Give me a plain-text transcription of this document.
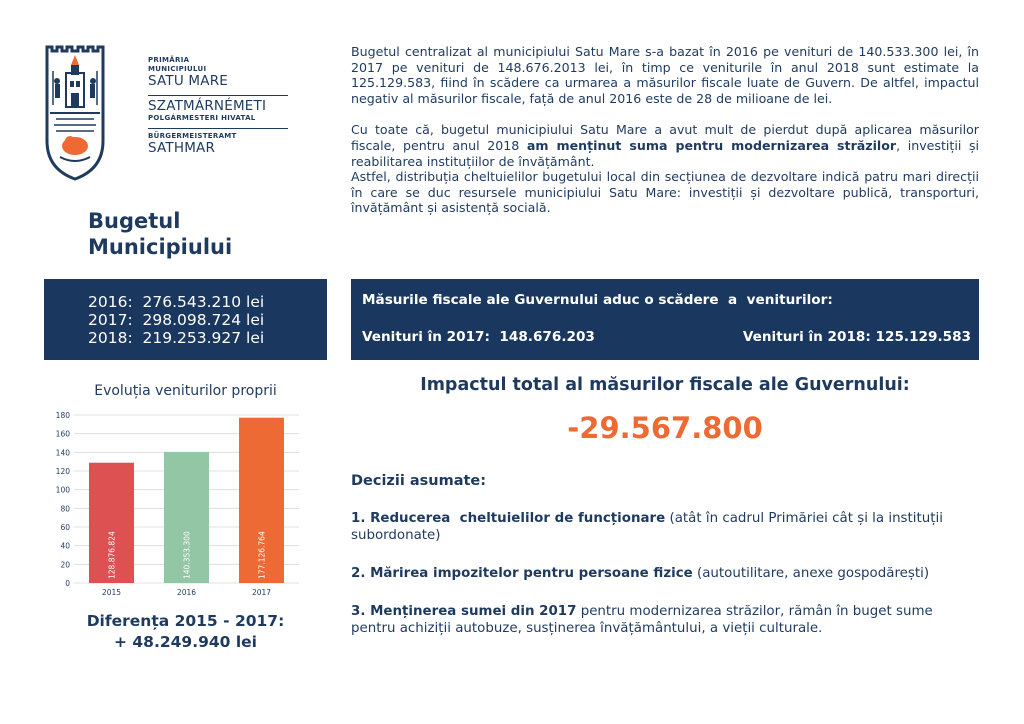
PRIMĂRIA
MUNICIPIULUI
SATU MARE
SZATMÁRNÉMETI
POLGÁRMESTERI HIVATAL
BÜRGERMEISTERAMT
SATHMAR
Bugetul
Municipiului
2016:  276.543.210 lei
2017:  298.098.724 lei
2018:  219.253.927 lei
Evoluția veniturilor proprii
0
20
40
60
80
100
120
140
160
180
128.876.824
2015
140.353.300
2016
177.126.764
2017
Diferența 2015 - 2017:
+ 48.249.940 lei
Bugetul centralizat al municipiului Satu Mare s-a bazat în 2016 pe venituri de 140.533.300 lei, în 2017 pe venituri de 148.676.2013 lei, în timp ce veniturile în anul 2018 sunt estimate la 125.129.583, fiind în scădere ca urmarea a măsurilor fiscale luate de Guvern. De altfel, impactul negativ al măsurilor fiscale, față de anul 2016 este de 28 de milioane de lei.
Cu toate că, bugetul municipiului Satu Mare a avut mult de pierdut după aplicarea măsurilor fiscale, pentru anul 2018 am menținut suma pentru modernizarea străzilor, investiții și reabilitarea instituțiilor de învățământ.
Astfel, distribuția cheltuielilor bugetului local din secțiunea de dezvoltare indică patru mari direcții în care se duc resursele municipiului Satu Mare: investiții și dezvoltare publică, transporturi, învățământ și asistență socială.
Măsurile fiscale ale Guvernului aduc o scădere  a  veniturilor:
Venituri în 2017:  148.676.203	Venituri în 2018: 125.129.583
Impactul total al măsurilor fiscale ale Guvernului:
-29.567.800
Decizii asumate:
1. Reducerea  cheltuielilor de funcționare (atât în cadrul Primăriei cât și la instituții subordonate)
2. Mărirea impozitelor pentru persoane fizice (autoutilitare, anexe gospodărești)
3. Menținerea sumei din 2017 pentru modernizarea străzilor, rămân în buget sume pentru achiziții autobuze, susținerea învățământului, a vieții culturale.
